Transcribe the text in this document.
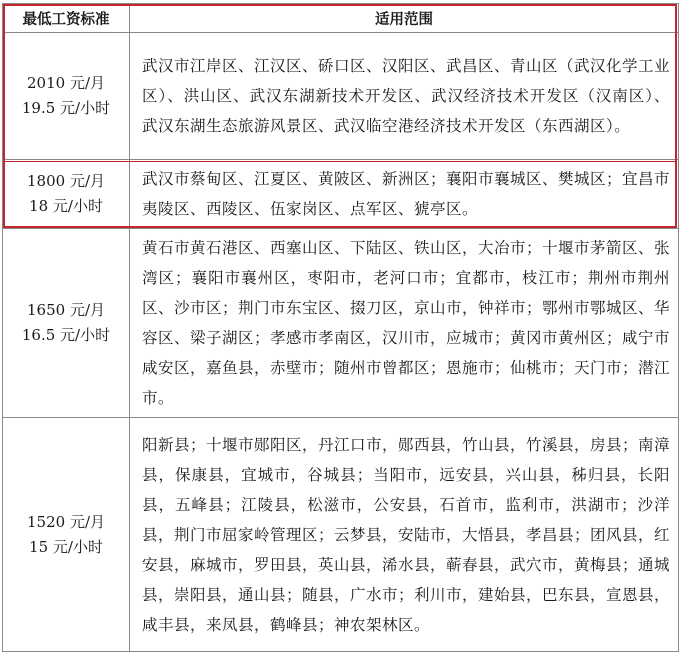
最低工资标准	适用范围

2010 元/月
19.5 元/小时	武汉市江岸区、江汉区、硚口区、汉阳区、武昌区、青山区（武汉化学工业区）、洪山区、武汉东湖新技术开发区、武汉经济技术开发区（汉南区）、武汉东湖生态旅游风景区、武汉临空港经济技术开发区（东西湖区）。

1800 元/月
18 元/小时	武汉市蔡甸区、江夏区、黄陂区、新洲区；襄阳市襄城区、樊城区；宜昌市夷陵区、西陵区、伍家岗区、点军区、猇亭区。

1650 元/月
16.5 元/小时	黄石市黄石港区、西塞山区、下陆区、铁山区，大冶市；十堰市茅箭区、张湾区；襄阳市襄州区，枣阳市，老河口市；宜都市，枝江市；荆州市荆州区、沙市区；荆门市东宝区、掇刀区，京山市，钟祥市；鄂州市鄂城区、华容区、梁子湖区；孝感市孝南区，汉川市，应城市；黄冈市黄州区；咸宁市咸安区，嘉鱼县，赤壁市；随州市曾都区；恩施市；仙桃市；天门市；潜江市。

1520 元/月
15 元/小时	阳新县；十堰市郧阳区，丹江口市，郧西县，竹山县，竹溪县，房县；南漳县，保康县，宜城市，谷城县；当阳市，远安县，兴山县，秭归县，长阳县，五峰县；江陵县，松滋市，公安县，石首市，监利市，洪湖市；沙洋县，荆门市屈家岭管理区；云梦县，安陆市，大悟县，孝昌县；团风县，红安县，麻城市，罗田县，英山县，浠水县，蕲春县，武穴市，黄梅县；通城县，崇阳县，通山县；随县，广水市；利川市，建始县，巴东县，宣恩县，咸丰县，来凤县，鹤峰县；神农架林区。
